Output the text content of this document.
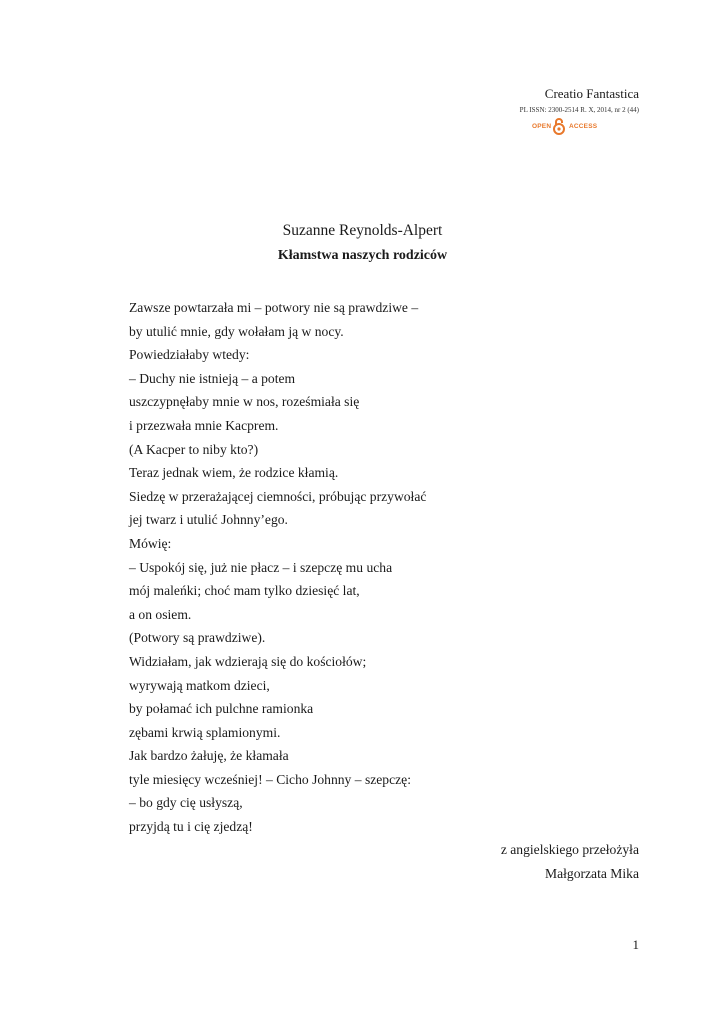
Creatio Fantastica
PL ISSN: 2300-2514 R. X, 2014, nr 2 (44)
OPEN	ACCESS
Suzanne Reynolds-Alpert
Kłamstwa naszych rodziców
Zawsze powtarzała mi – potwory nie są prawdziwe –
by utulić mnie, gdy wołałam ją w nocy.
Powiedziałaby wtedy:
– Duchy nie istnieją – a potem
uszczypnęłaby mnie w nos, roześmiała się
i przezwała mnie Kacprem.
(A Kacper to niby kto?)
Teraz jednak wiem, że rodzice kłamią.
Siedzę w przerażającej ciemności, próbując przywołać
jej twarz i utulić Johnny’ego.
Mówię:
– Uspokój się, już nie płacz – i szepczę mu ucha
mój maleńki; choć mam tylko dziesięć lat,
a on osiem.
(Potwory są prawdziwe).
Widziałam, jak wdzierają się do kościołów;
wyrywają matkom dzieci,
by połamać ich pulchne ramionka
zębami krwią splamionymi.
Jak bardzo żałuję, że kłamała
tyle miesięcy wcześniej! – Cicho Johnny – szepczę:
– bo gdy cię usłyszą,
przyjdą tu i cię zjedzą!
z angielskiego przełożyła
Małgorzata Mika
1
